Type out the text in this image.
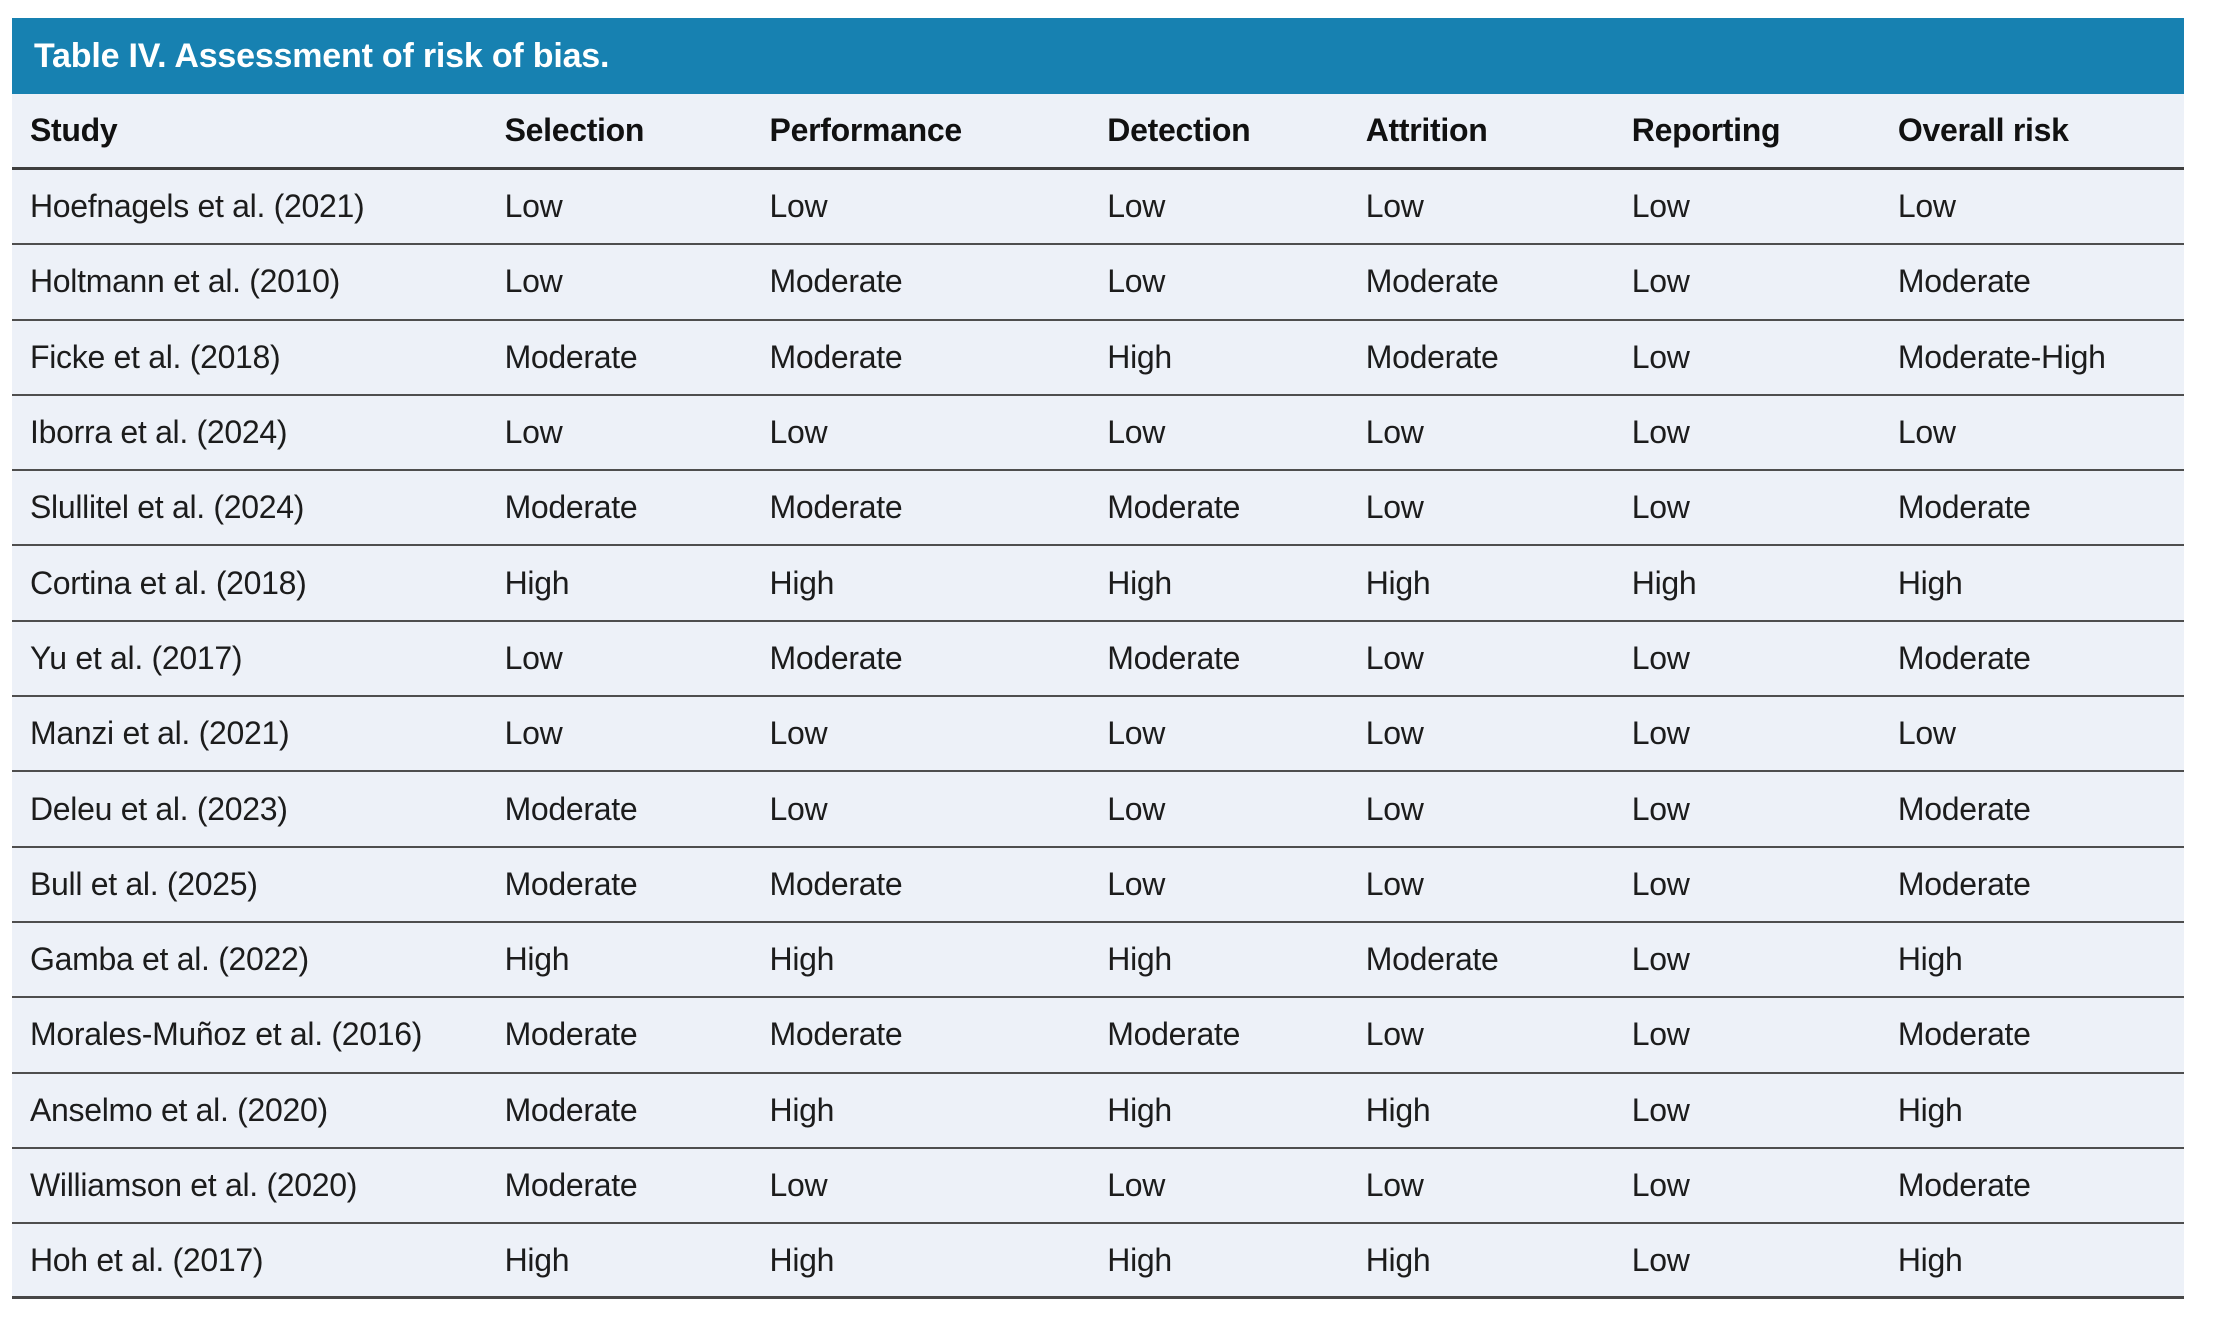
Table IV. Assessment of risk of bias.
Study	Selection	Performance	Detection	Attrition	Reporting	Overall risk
Hoefnagels et al. (2021)	Low	Low	Low	Low	Low	Low
Holtmann et al. (2010)	Low	Moderate	Low	Moderate	Low	Moderate
Ficke et al. (2018)	Moderate	Moderate	High	Moderate	Low	Moderate-High
Iborra et al. (2024)	Low	Low	Low	Low	Low	Low
Slullitel et al. (2024)	Moderate	Moderate	Moderate	Low	Low	Moderate
Cortina et al. (2018)	High	High	High	High	High	High
Yu et al. (2017)	Low	Moderate	Moderate	Low	Low	Moderate
Manzi et al. (2021)	Low	Low	Low	Low	Low	Low
Deleu et al. (2023)	Moderate	Low	Low	Low	Low	Moderate
Bull et al. (2025)	Moderate	Moderate	Low	Low	Low	Moderate
Gamba et al. (2022)	High	High	High	Moderate	Low	High
Morales-Muñoz et al. (2016)	Moderate	Moderate	Moderate	Low	Low	Moderate
Anselmo et al. (2020)	Moderate	High	High	High	Low	High
Williamson et al. (2020)	Moderate	Low	Low	Low	Low	Moderate
Hoh et al. (2017)	High	High	High	High	Low	High
